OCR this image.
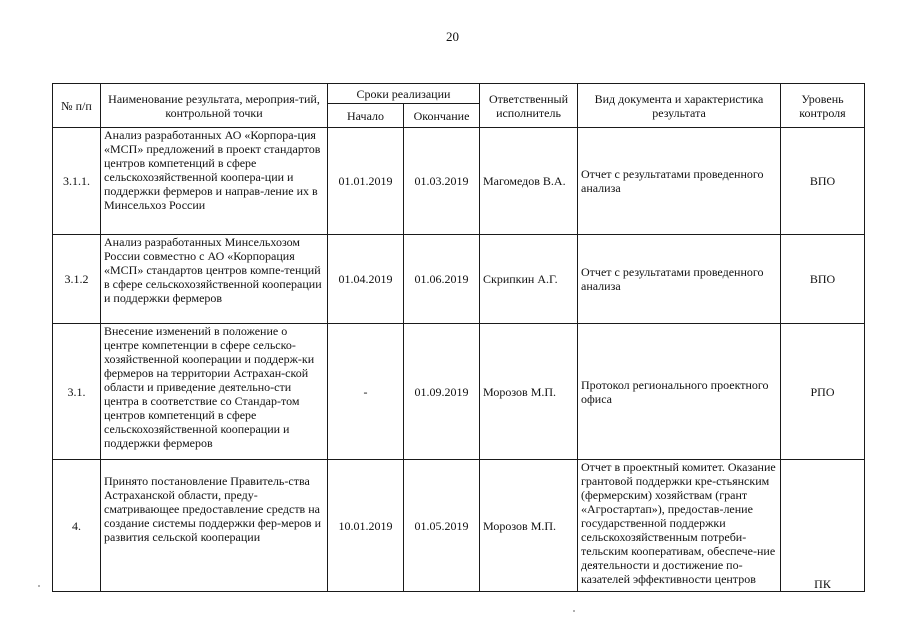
20
№ п/п	Наименование результата, мероприя-тий, контрольной точки	Сроки реализации		Ответственный исполнитель	Вид документа и характеристика результата	Уровень контроля
		Начало	Окончание			
3.1.1.	Анализ разработанных АО «Корпора-ция «МСП» предложений в проект стандартов центров компетенций в сфере сельскохозяйственной коопера-ции и поддержки фермеров и направ-ление их в Минсельхоз России	01.01.2019	01.03.2019	Магомедов В.А.	Отчет с результатами проведенного анализа	ВПО
3.1.2	Анализ разработанных Минсельхозом России совместно с АО «Корпорация «МСП» стандартов центров компе-тенций в сфере сельскохозяйственной кооперации и поддержки фермеров	01.04.2019	01.06.2019	Скрипкин А.Г.	Отчет с результатами проведенного анализа	ВПО
3.1.	Внесение изменений в положение о центре компетенции в сфере сельско-хозяйственной кооперации и поддерж-ки фермеров на территории Астрахан-ской области и приведение деятельно-сти центра в соответствие со Стандар-том центров компетенций в сфере сельскохозяйственной кооперации и поддержки фермеров	-	01.09.2019	Морозов М.П.	Протокол регионального проектного офиса	РПО
4.	Принято постановление Правитель-ства Астраханской области, преду-сматривающее предоставление средств на создание системы поддержки фер-меров и развития сельской кооперации	10.01.2019	01.05.2019	Морозов М.П.	Отчет в проектный комитет. Оказание грантовой поддержки кре-стьянским (фермерским) хозяйствам (грант «Агростартап»), предостав-ление государственной поддержки сельскохозяйственным потреби-тельским кооперативам, обеспече-ние деятельности и достижение по-казателей эффективности центров	ПК
